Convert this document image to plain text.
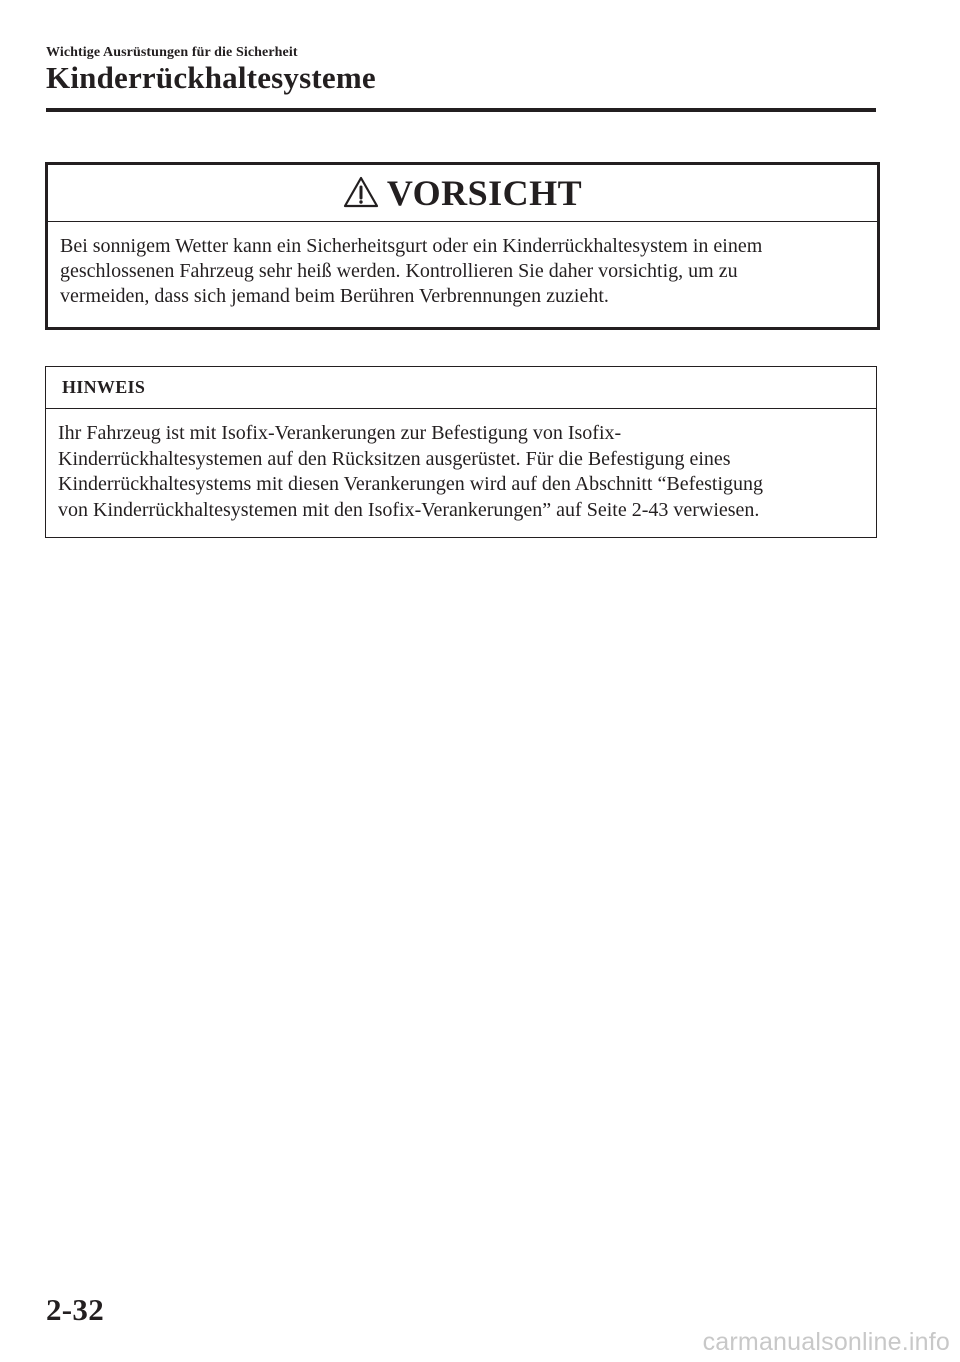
Wichtige Ausrüstungen für die Sicherheit
Kinderrückhaltesysteme
VORSICHT
Bei sonnigem Wetter kann ein Sicherheitsgurt oder ein Kinderrückhaltesystem in einem
geschlossenen Fahrzeug sehr heiß werden. Kontrollieren Sie daher vorsichtig, um zu
vermeiden, dass sich jemand beim Berühren Verbrennungen zuzieht.
HINWEIS
Ihr Fahrzeug ist mit Isofix-Verankerungen zur Befestigung von Isofix-
Kinderrückhaltesystemen auf den Rücksitzen ausgerüstet. Für die Befestigung eines
Kinderrückhaltesystems mit diesen Verankerungen wird auf den Abschnitt “Befestigung
von Kinderrückhaltesystemen mit den Isofix-Verankerungen” auf Seite 2-43 verwiesen.
2-32
carmanualsonline.info
